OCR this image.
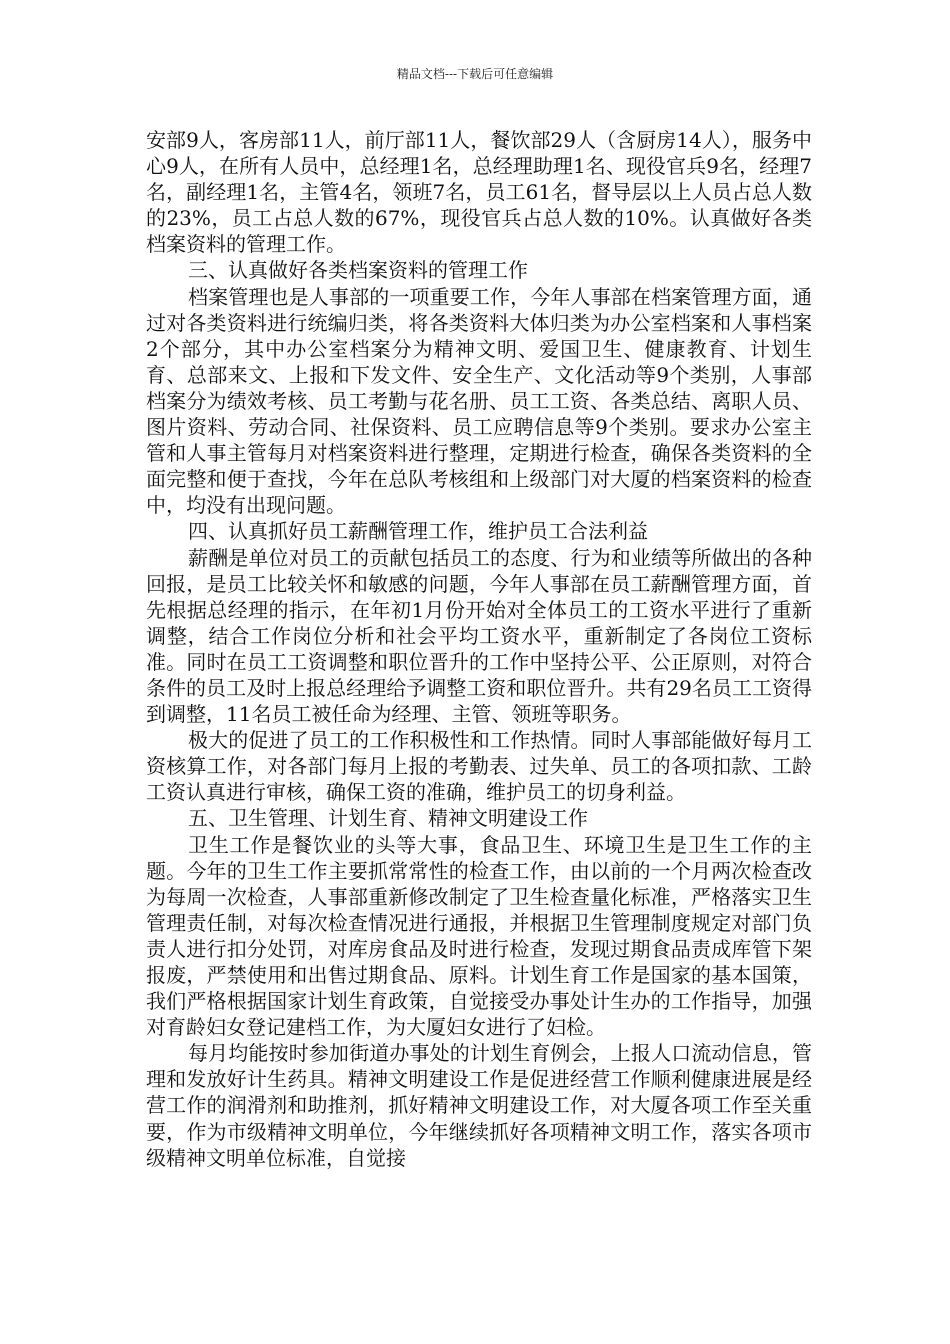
精品文档---下载后可任意编辑

安部9人，客房部11人，前厅部11人，餐饮部29人（含厨房14人），服务中心9人，在所有人员中，总经理1名，总经理助理1名、现役官兵9名，经理7名，副经理1名，主管4名，领班7名，员工61名，督导层以上人员占总人数的23%，员工占总人数的67%，现役官兵占总人数的10%。认真做好各类档案资料的管理工作。

三、认真做好各类档案资料的管理工作

档案管理也是人事部的一项重要工作，今年人事部在档案管理方面，通过对各类资料进行统编归类，将各类资料大体归类为办公室档案和人事档案2个部分，其中办公室档案分为精神文明、爱国卫生、健康教育、计划生育、总部来文、上报和下发文件、安全生产、文化活动等9个类别，人事部档案分为绩效考核、员工考勤与花名册、员工工资、各类总结、离职人员、图片资料、劳动合同、社保资料、员工应聘信息等9个类别。要求办公室主管和人事主管每月对档案资料进行整理，定期进行检查，确保各类资料的全面完整和便于查找，今年在总队考核组和上级部门对大厦的档案资料的检查中，均没有出现问题。

四、认真抓好员工薪酬管理工作，维护员工合法利益

薪酬是单位对员工的贡献包括员工的态度、行为和业绩等所做出的各种回报，是员工比较关怀和敏感的问题，今年人事部在员工薪酬管理方面，首先根据总经理的指示，在年初1月份开始对全体员工的工资水平进行了重新调整，结合工作岗位分析和社会平均工资水平，重新制定了各岗位工资标准。同时在员工工资调整和职位晋升的工作中坚持公平、公正原则，对符合条件的员工及时上报总经理给予调整工资和职位晋升。共有29名员工工资得到调整，11名员工被任命为经理、主管、领班等职务。

极大的促进了员工的工作积极性和工作热情。同时人事部能做好每月工资核算工作，对各部门每月上报的考勤表、过失单、员工的各项扣款、工龄工资认真进行审核，确保工资的准确，维护员工的切身利益。

五、卫生管理、计划生育、精神文明建设工作

卫生工作是餐饮业的头等大事，食品卫生、环境卫生是卫生工作的主题。今年的卫生工作主要抓常常性的检查工作，由以前的一个月两次检查改为每周一次检查，人事部重新修改制定了卫生检查量化标准，严格落实卫生管理责任制，对每次检查情况进行通报，并根据卫生管理制度规定对部门负责人进行扣分处罚，对库房食品及时进行检查，发现过期食品责成库管下架报废，严禁使用和出售过期食品、原料。计划生育工作是国家的基本国策，我们严格根据国家计划生育政策，自觉接受办事处计生办的工作指导，加强对育龄妇女登记建档工作，为大厦妇女进行了妇检。

每月均能按时参加街道办事处的计划生育例会，上报人口流动信息，管理和发放好计生药具。精神文明建设工作是促进经营工作顺利健康进展是经营工作的润滑剂和助推剂，抓好精神文明建设工作，对大厦各项工作至关重要，作为市级精神文明单位，今年继续抓好各项精神文明工作，落实各项市级精神文明单位标准，自觉接
